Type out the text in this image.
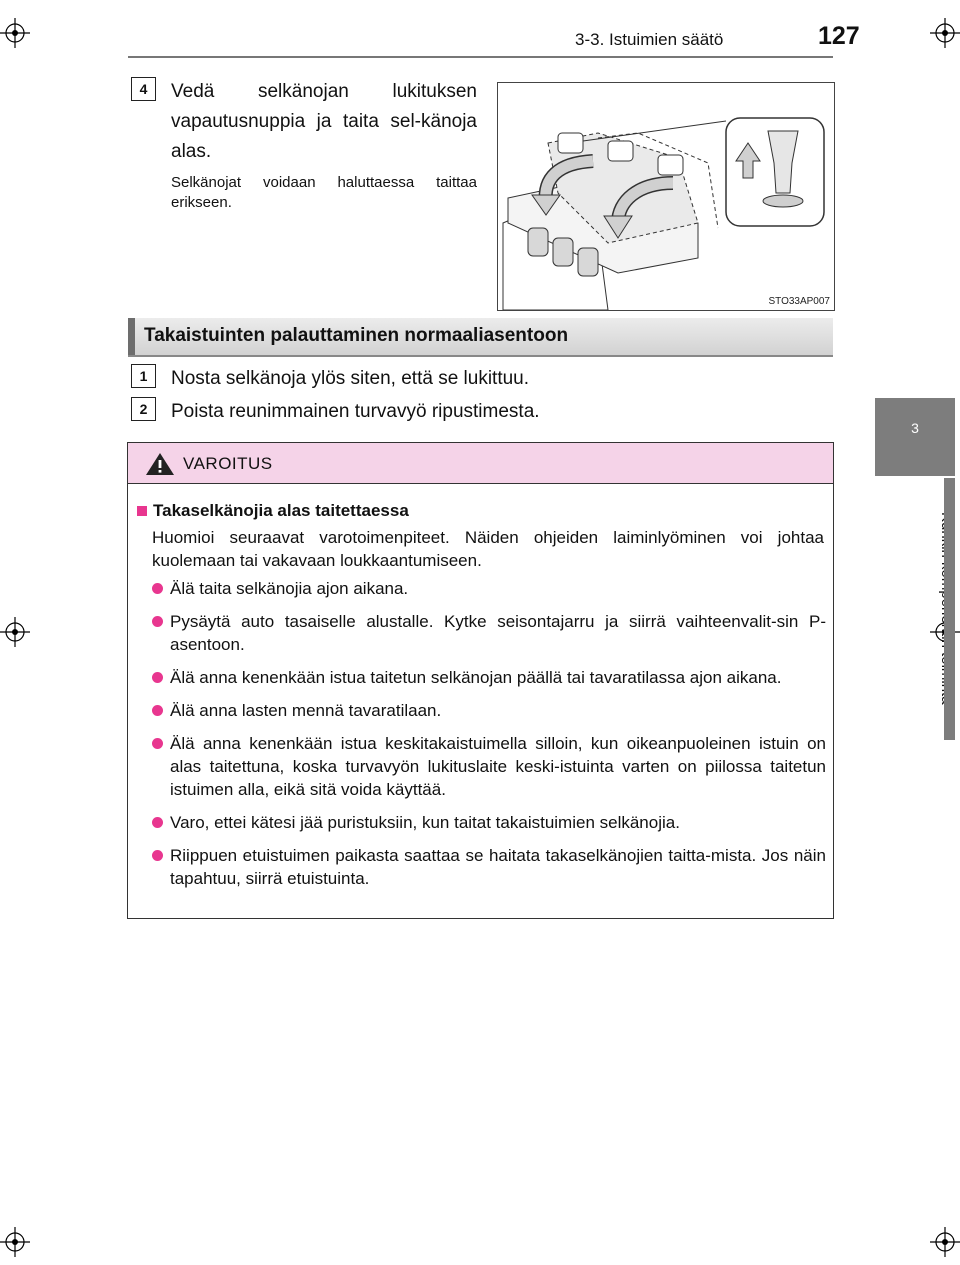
3-3. Istuimien säätö	127
3
4	Vedä selkänojan lukituksen vapautusnuppia ja taita sel-känoja alas.
Selkänojat voidaan haluttaessa taittaa erikseen.
STO33AP007
Takaistuinten palauttaminen normaaliasentoon
1	Nosta selkänoja ylös siten, että se lukittuu.
2	Poista reunimmainen turvavyö ripustimesta.
VAROITUS
Takaselkänojia alas taitettaessa
Huomioi seuraavat varotoimenpiteet. Näiden ohjeiden laiminlyöminen voi johtaa kuolemaan tai vakavaan loukkaantumiseen.
Älä taita selkänojia ajon aikana.
Pysäytä auto tasaiselle alustalle. Kytke seisontajarru ja siirrä vaihteenvalit-sin P-asentoon.
Älä anna kenenkään istua taitetun selkänojan päällä tai tavaratilassa ajon aikana.
Älä anna lasten mennä tavaratilaan.
Älä anna kenenkään istua keskitakaistuimella silloin, kun oikeanpuoleinen istuin on alas taitettuna, koska turvavyön lukituslaite keski-istuinta varten on piilossa taitetun istuimen alla, eikä sitä voida käyttää.
Varo, ettei kätesi jää puristuksiin, kun taitat takaistuimien selkänojia.
Riippuen etuistuimen paikasta saattaa se haitata takaselkänojien taitta-mista. Jos näin tapahtuu, siirrä etuistuinta.
